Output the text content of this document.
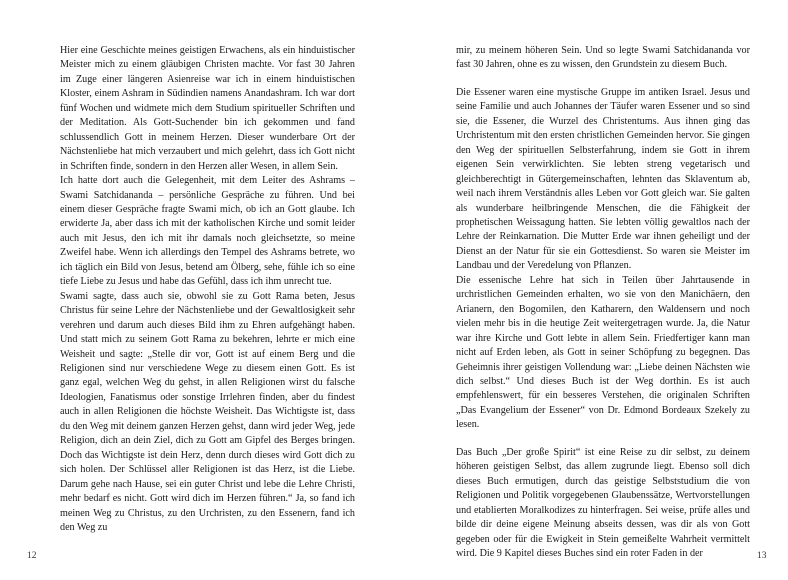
Hier eine Geschichte meines geistigen Erwachens, als ein hinduistischer Meister mich zu einem gläubigen Christen machte. Vor fast 30 Jahren im Zuge einer längeren Asienreise war ich in einem hinduistischen Kloster, einem Ashram in Südindien namens Anandashram. Ich war dort fünf Wochen und widmete mich dem Studium spiritueller Schriften und der Meditation. Als Gott-Suchender bin ich gekommen und fand schlussendlich Gott in meinem Herzen. Dieser wunderbare Ort der Nächstenliebe hat mich verzaubert und mich gelehrt, dass ich Gott nicht in Schriften finde, sondern in den Herzen aller Wesen, in allem Sein.

Ich hatte dort auch die Gelegenheit, mit dem Leiter des Ashrams – Swami Satchidananda – persönliche Gespräche zu führen. Und bei einem dieser Gespräche fragte Swami mich, ob ich an Gott glaube. Ich erwiderte Ja, aber dass ich mit der katholischen Kirche und somit leider auch mit Jesus, den ich mit ihr damals noch gleichsetzte, so meine Zweifel habe. Wenn ich allerdings den Tempel des Ashrams betrete, wo ich täglich ein Bild von Jesus, betend am Ölberg, sehe, fühle ich so eine tiefe Liebe zu Jesus und habe das Gefühl, dass ich ihm unrecht tue.

Swami sagte, dass auch sie, obwohl sie zu Gott Rama beten, Jesus Christus für seine Lehre der Nächstenliebe und der Gewaltlosigkeit sehr verehren und darum auch dieses Bild ihm zu Ehren aufgehängt haben. Und statt mich zu seinem Gott Rama zu bekehren, lehrte er mich eine Weisheit und sagte: „Stelle dir vor, Gott ist auf einem Berg und die Religionen sind nur verschiedene Wege zu diesem einen Gott. Es ist ganz egal, welchen Weg du gehst, in allen Religionen wirst du falsche Ideologien, Fanatismus oder sonstige Irrlehren finden, aber du findest auch in allen Religionen die höchste Weisheit. Das Wichtigste ist, dass du den Weg mit deinem ganzen Herzen gehst, dann wird jeder Weg, jede Religion, dich an dein Ziel, dich zu Gott am Gipfel des Berges bringen. Doch das Wichtigste ist dein Herz, denn durch dieses wird Gott dich zu sich holen. Der Schlüssel aller Religionen ist das Herz, ist die Liebe. Darum gehe nach Hause, sei ein guter Christ und lebe die Lehre Christi, mehr bedarf es nicht. Gott wird dich im Herzen führen.“ Ja, so fand ich meinen Weg zu Christus, zu den Urchristen, zu den Essenern, fand ich den Weg zu

12

mir, zu meinem höheren Sein. Und so legte Swami Satchidananda vor fast 30 Jahren, ohne es zu wissen, den Grundstein zu diesem Buch.

Die Essener waren eine mystische Gruppe im antiken Israel. Jesus und seine Familie und auch Johannes der Täufer waren Essener und so sind sie, die Essener, die Wurzel des Christentums. Aus ihnen ging das Urchristentum mit den ersten christlichen Gemeinden hervor. Sie gingen den Weg der spirituellen Selbsterfahrung, indem sie Gott in ihrem eigenen Sein verwirklichten. Sie lebten streng vegetarisch und gleichberechtigt in Gütergemeinschaften, lehnten das Sklaventum ab, weil nach ihrem Verständnis alles Leben vor Gott gleich war. Sie galten als wunderbare heilbringende Menschen, die die Fähigkeit der prophetischen Weissagung hatten. Sie lebten völlig gewaltlos nach der Lehre der Reinkarnation. Die Mutter Erde war ihnen geheiligt und der Dienst an der Natur für sie ein Gottesdienst. So waren sie Meister im Landbau und der Veredelung von Pflanzen.

Die essenische Lehre hat sich in Teilen über Jahrtausende in urchristlichen Gemeinden erhalten, wo sie von den Manichäern, den Arianern, den Bogomilen, den Katharern, den Waldensern und noch vielen mehr bis in die heutige Zeit weitergetragen wurde. Ja, die Natur war ihre Kirche und Gott lebte in allem Sein. Friedfertiger kann man nicht auf Erden leben, als Gott in seiner Schöpfung zu begegnen. Das Geheimnis ihrer geistigen Vollendung war: „Liebe deinen Nächsten wie dich selbst.“ Und dieses Buch ist der Weg dorthin. Es ist auch empfehlenswert, für ein besseres Verstehen, die originalen Schriften „Das Evangelium der Essener“ von Dr. Edmond Bordeaux Szekely zu lesen.

Das Buch „Der große Spirit“ ist eine Reise zu dir selbst, zu deinem höheren geistigen Selbst, das allem zugrunde liegt. Ebenso soll dich dieses Buch ermutigen, durch das geistige Selbststudium die von Religionen und Politik vorgegebenen Glaubenssätze, Wertvorstellungen und etablierten Moralkodizes zu hinterfragen. Sei weise, prüfe alles und bilde dir deine eigene Meinung abseits dessen, was dir als von Gott gegeben oder für die Ewigkeit in Stein gemeißelte Wahrheit vermittelt wird. Die 9 Kapitel dieses Buches sind ein roter Faden in der	13
